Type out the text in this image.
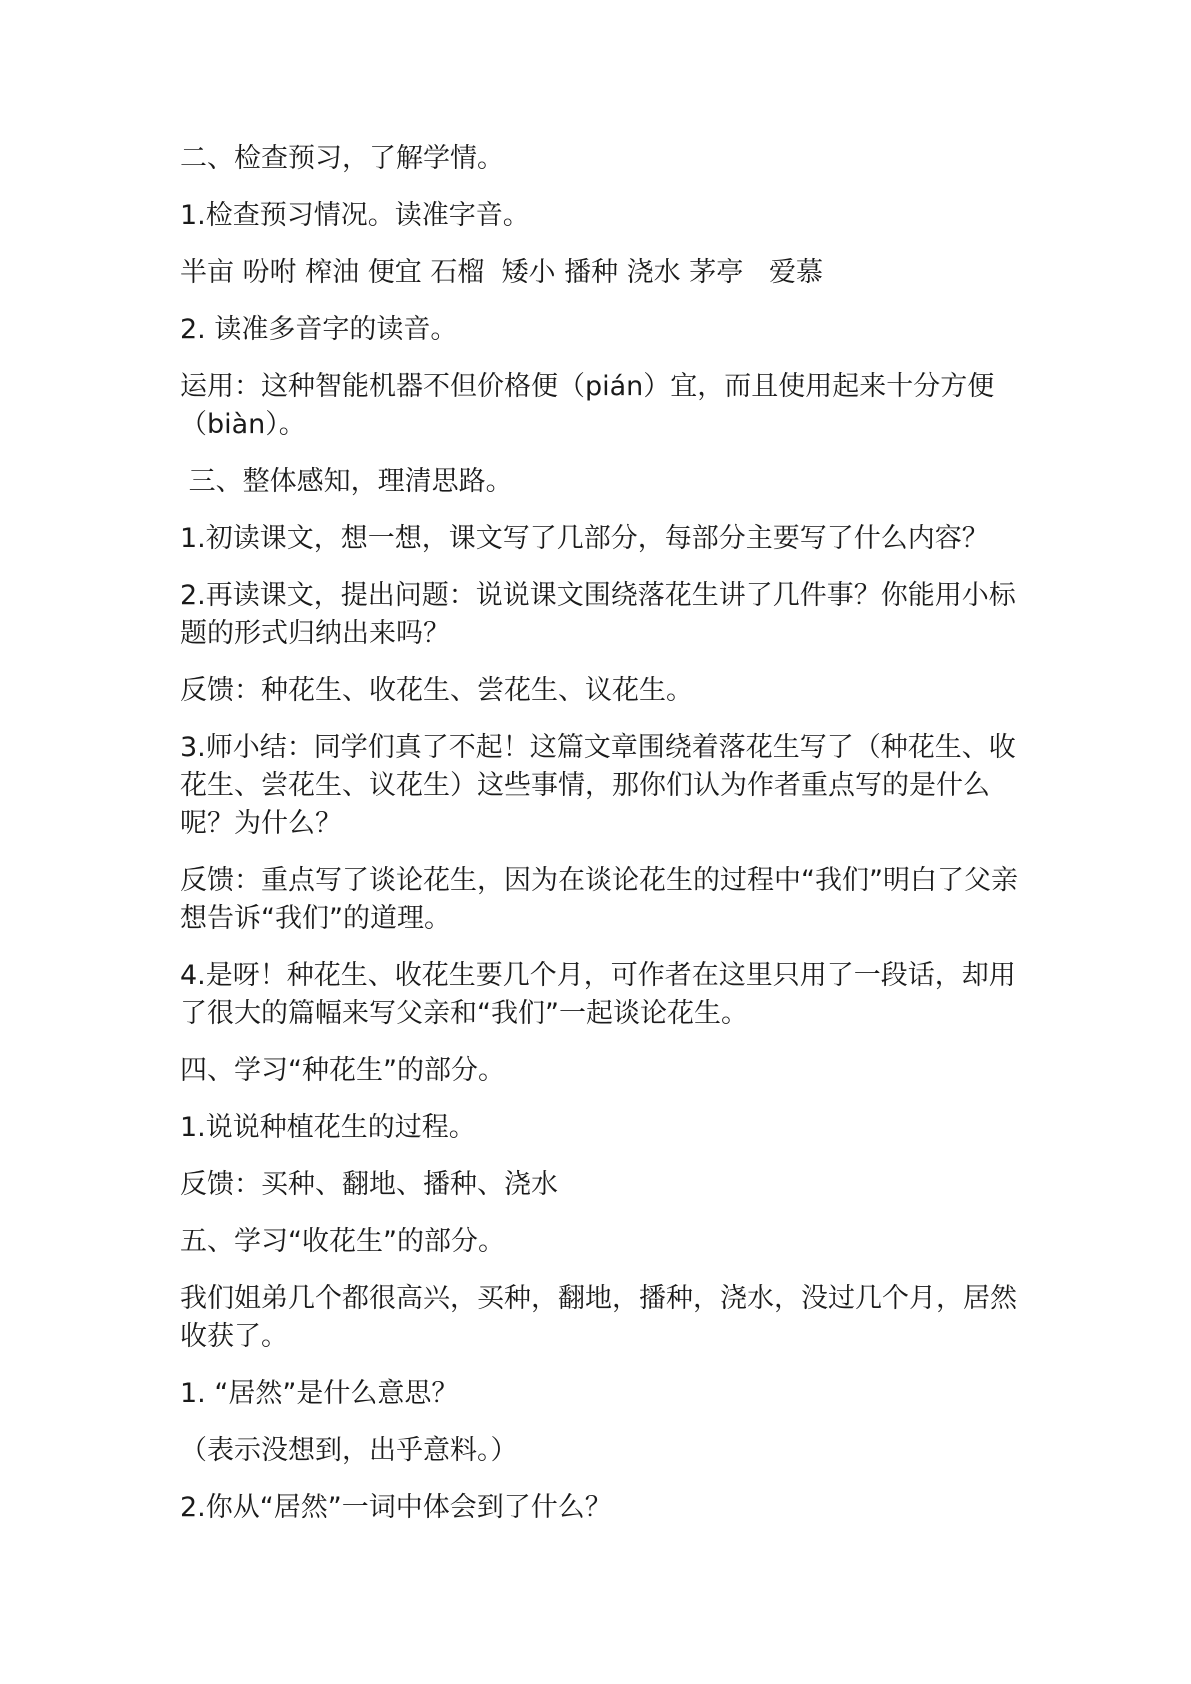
二、检查预习，了解学情。

1.检查预习情况。读准字音。

半亩 吩咐 榨油 便宜 石榴  矮小 播种 浇水 茅亭   爱慕

2. 读准多音字的读音。

运用：这种智能机器不但价格便（pián）宜，而且使用起来十分方便（biàn）。

三、整体感知，理清思路。

1.初读课文，想一想，课文写了几部分，每部分主要写了什么内容？

2.再读课文，提出问题：说说课文围绕落花生讲了几件事？你能用小标题的形式归纳出来吗？

反馈：种花生、收花生、尝花生、议花生。

3.师小结：同学们真了不起！这篇文章围绕着落花生写了（种花生、收花生、尝花生、议花生）这些事情，那你们认为作者重点写的是什么呢？为什么？

反馈：重点写了谈论花生，因为在谈论花生的过程中“我们”明白了父亲想告诉“我们”的道理。

4.是呀！种花生、收花生要几个月，可作者在这里只用了一段话，却用了很大的篇幅来写父亲和“我们”一起谈论花生。

四、学习“种花生”的部分。

1.说说种植花生的过程。

反馈：买种、翻地、播种、浇水

五、学习“收花生”的部分。

我们姐弟几个都很高兴，买种，翻地，播种，浇水，没过几个月，居然收获了。

1. “居然”是什么意思？

（表示没想到，出乎意料。）

2.你从“居然”一词中体会到了什么？
